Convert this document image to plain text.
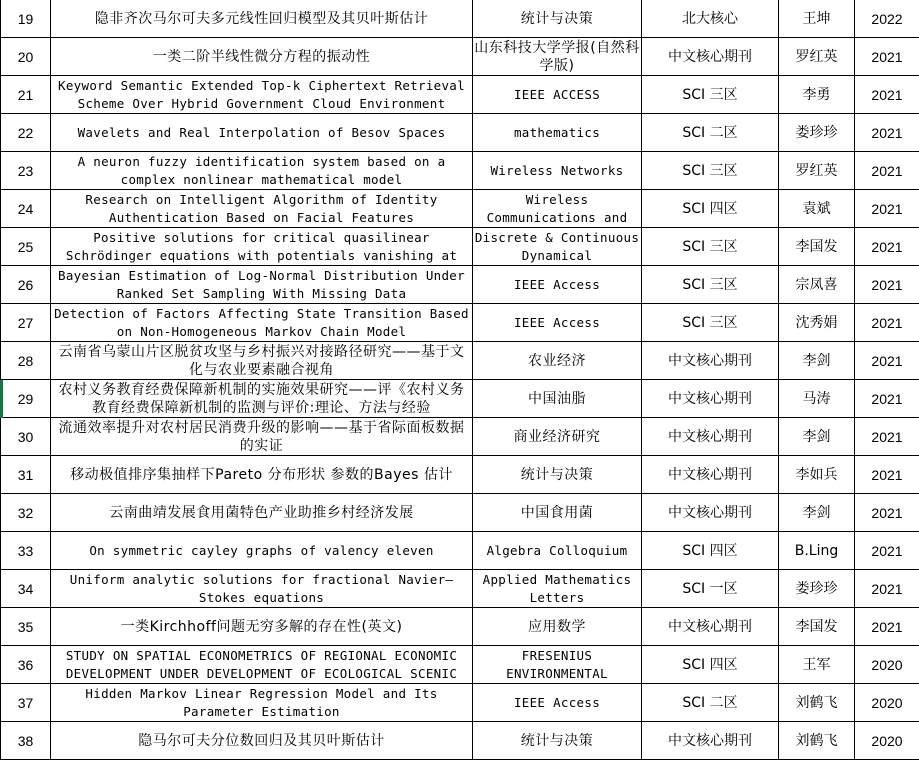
19	隐非齐次马尔可夫多元线性回归模型及其贝叶斯估计	统计与决策	北大核心	王坤	2022

20	一类二阶半线性微分方程的振动性	山东科技大学学报(自然科学版)	中文核心期刊	罗红英	2021

21	Keyword Semantic Extended Top-k Ciphertext Retrieval Scheme Over Hybrid Government Cloud Environment	IEEE ACCESS	SCI 三区	李勇	2021

22	Wavelets and Real Interpolation of Besov Spaces	mathematics	SCI 二区	娄珍珍	2021

23	A neuron fuzzy identification system based on a complex nonlinear mathematical model	Wireless Networks	SCI 三区	罗红英	2021

24	Research on Intelligent Algorithm of Identity Authentication Based on Facial Features	Wireless Communications and	SCI 四区	袁斌	2021

25	Positive solutions for critical quasilinear Schrödinger equations with potentials vanishing at	Discrete & Continuous Dynamical	SCI 三区	李国发	2021

26	Bayesian Estimation of Log-Normal Distribution Under Ranked Set Sampling With Missing Data	IEEE Access	SCI 三区	宗凤喜	2021

27	Detection of Factors Affecting State Transition Based on Non-Homogeneous Markov Chain Model	IEEE Access	SCI 三区	沈秀娟	2021

28	云南省乌蒙山片区脱贫攻坚与乡村振兴对接路径研究——基于文化与农业要素融合视角	农业经济	中文核心期刊	李剑	2021

29	农村义务教育经费保障新机制的实施效果研究——评《农村义务教育经费保障新机制的监测与评价:理论、方法与经验	中国油脂	中文核心期刊	马涛	2021

30	流通效率提升对农村居民消费升级的影响——基于省际面板数据的实证	商业经济研究	中文核心期刊	李剑	2021

31	移动极值排序集抽样下Pareto 分布形状 参数的Bayes 估计	统计与决策	中文核心期刊	李如兵	2021

32	云南曲靖发展食用菌特色产业助推乡村经济发展	中国食用菌	中文核心期刊	李剑	2021

33	On symmetric cayley graphs of valency eleven	Algebra Colloquium	SCI 四区	B.Ling	2021

34	Uniform analytic solutions for fractional Navier–Stokes equations	Applied Mathematics Letters	SCI 一区	娄珍珍	2021

35	一类Kirchhoff问题无穷多解的存在性(英文)	应用数学	中文核心期刊	李国发	2021

36	STUDY ON SPATIAL ECONOMETRICS OF REGIONAL ECONOMIC DEVELOPMENT UNDER DEVELOPMENT OF ECOLOGICAL SCENIC	FRESENIUS ENVIRONMENTAL	SCI 四区	王军	2020

37	Hidden Markov Linear Regression Model and Its Parameter Estimation	IEEE Access	SCI 二区	刘鹤飞	2020

38	隐马尔可夫分位数回归及其贝叶斯估计	统计与决策	中文核心期刊	刘鹤飞	2020
